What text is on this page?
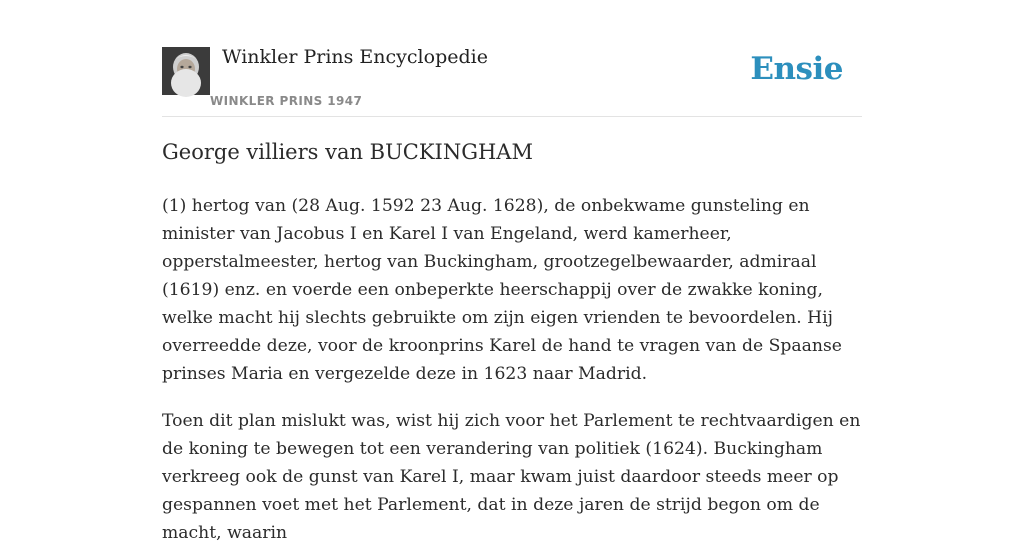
Winkler Prins Encyclopedie
WINKLER PRINS 1947
Ensie
George villiers van BUCKINGHAM

(1) hertog van (28 Aug. 1592 23 Aug. 1628), de onbekwame gunsteling en minister van Jacobus I en Karel I van Engeland, werd kamerheer, opperstalmeester, hertog van Buckingham, grootzegelbewaarder, admiraal (1619) enz. en voerde een onbeperkte heerschappij over de zwakke koning, welke macht hij slechts gebruikte om zijn eigen vrienden te bevoordelen. Hij overreedde deze, voor de kroonprins Karel de hand te vragen van de Spaanse prinses Maria en vergezelde deze in 1623 naar Madrid.

Toen dit plan mislukt was, wist hij zich voor het Parlement te rechtvaardigen en de koning te bewegen tot een verandering van politiek (1624). Buckingham verkreeg ook de gunst van Karel I, maar kwam juist daardoor steeds meer op gespannen voet met het Parlement, dat in deze jaren de strijd begon om de macht, waarin
